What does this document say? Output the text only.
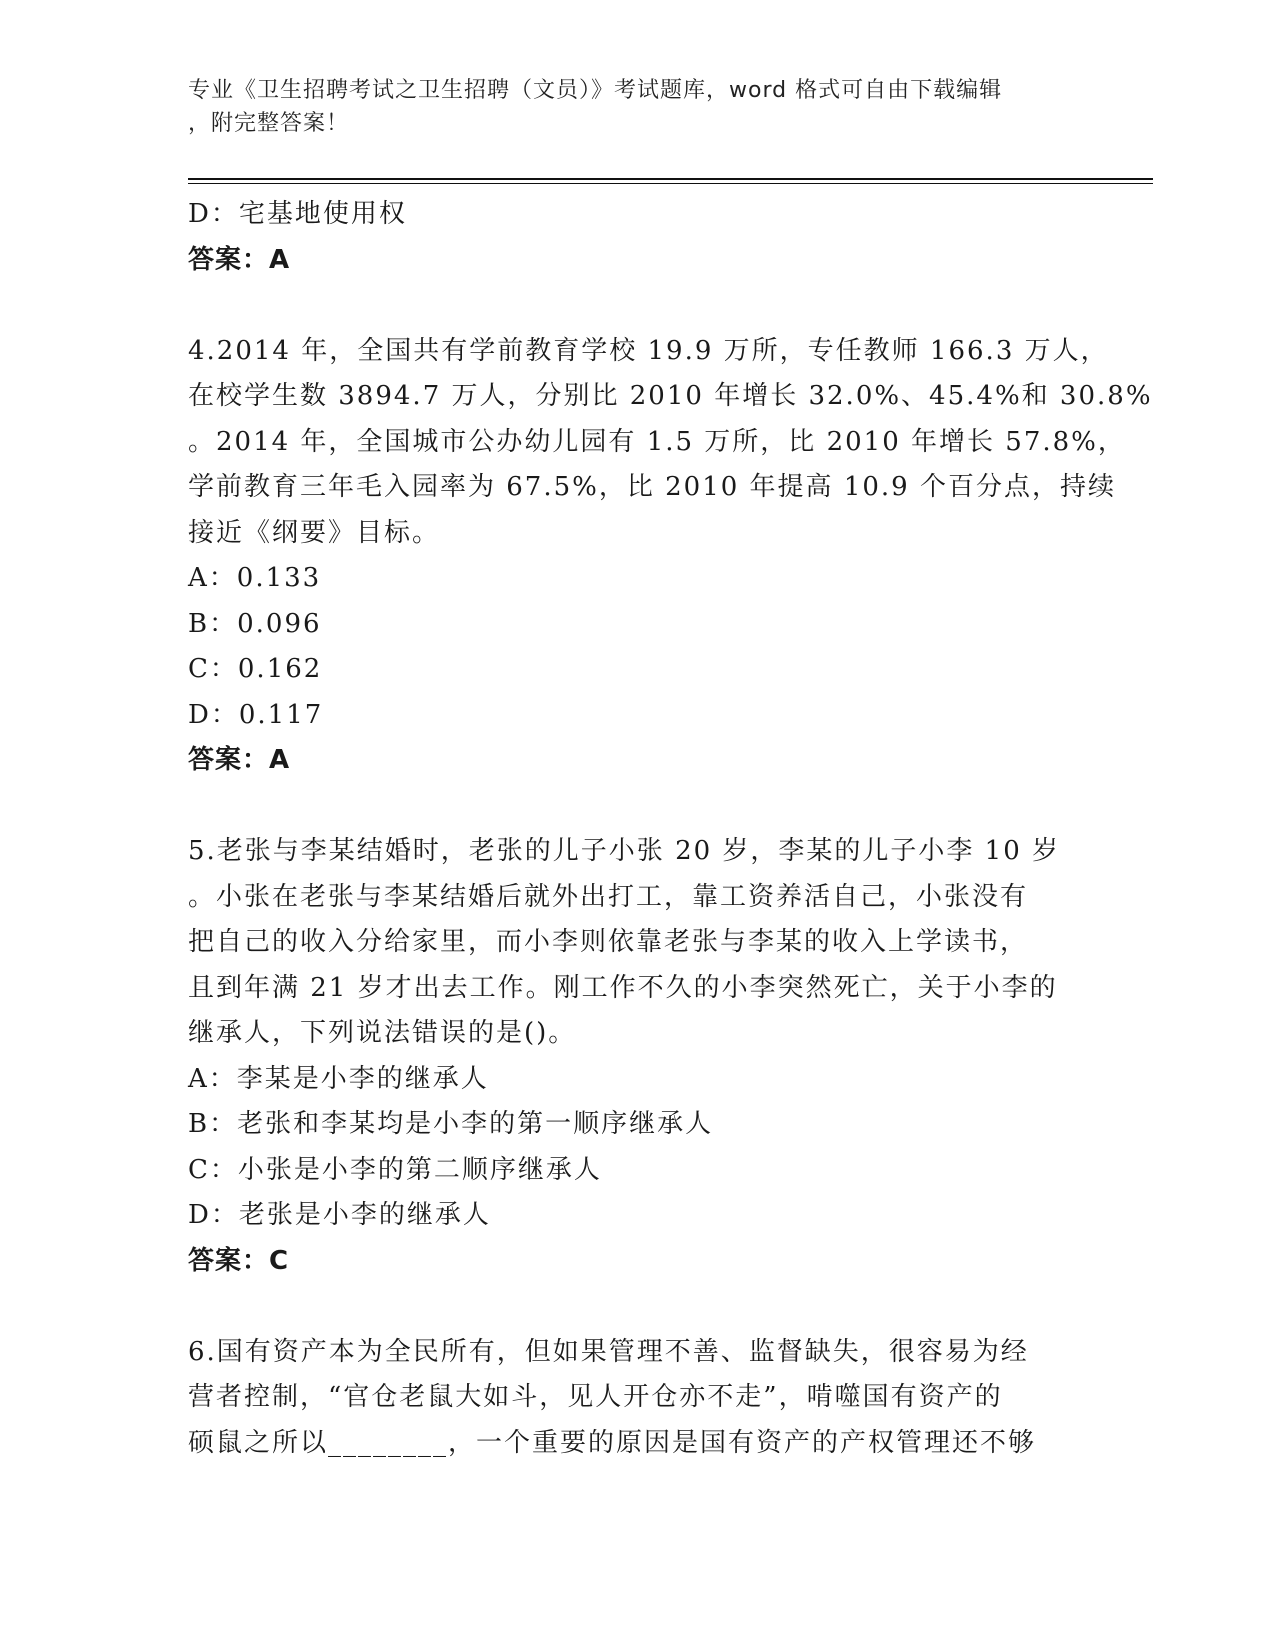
专业《卫生招聘考试之卫生招聘（文员）》考试题库，word 格式可自由下载编辑
，附完整答案！
D：宅基地使用权
答案：A
4.2014 年，全国共有学前教育学校 19.9 万所，专任教师 166.3 万人，
在校学生数 3894.7 万人，分别比 2010 年增长 32.0%、45.4%和 30.8%
。2014 年，全国城市公办幼儿园有 1.5 万所，比 2010 年增长 57.8%，
学前教育三年毛入园率为 67.5%，比 2010 年提高 10.9 个百分点，持续
接近《纲要》目标。
A：0.133
B：0.096
C：0.162
D：0.117
答案：A
5.老张与李某结婚时，老张的儿子小张 20 岁，李某的儿子小李 10 岁
。小张在老张与李某结婚后就外出打工，靠工资养活自己，小张没有
把自己的收入分给家里，而小李则依靠老张与李某的收入上学读书，
且到年满 21 岁才出去工作。刚工作不久的小李突然死亡，关于小李的
继承人，下列说法错误的是()。
A：李某是小李的继承人
B：老张和李某均是小李的第一顺序继承人
C：小张是小李的第二顺序继承人
D：老张是小李的继承人
答案：C
6.国有资产本为全民所有，但如果管理不善、监督缺失，很容易为经
营者控制，“官仓老鼠大如斗，见人开仓亦不走”，啃噬国有资产的
硕鼠之所以________，一个重要的原因是国有资产的产权管理还不够
